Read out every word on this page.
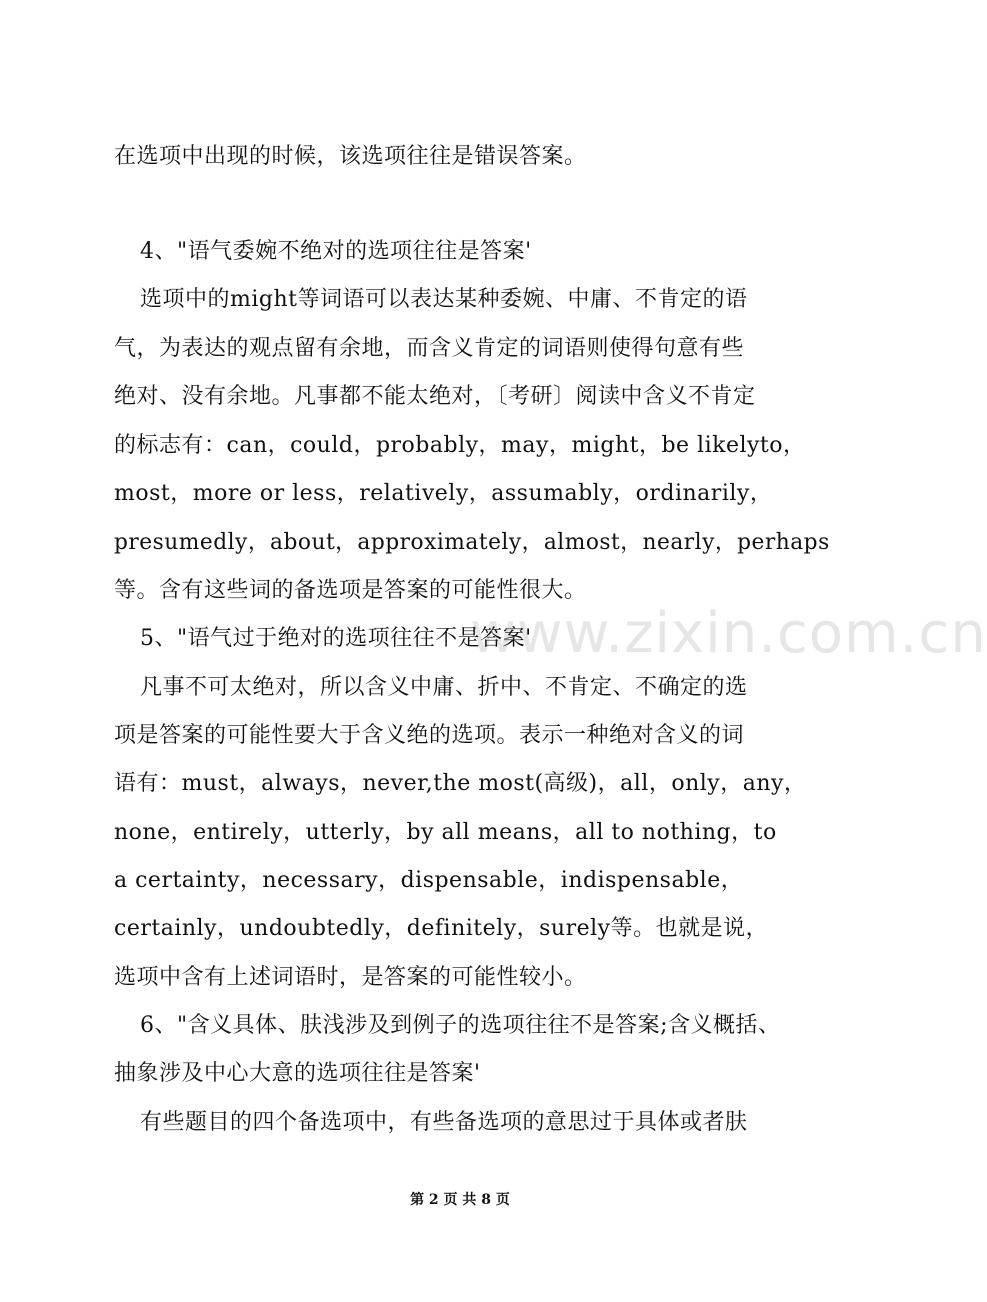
www.zixin.com.cn
在选项中出现的时候，该选项往往是错误答案。
4、"语气委婉不绝对的选项往往是答案'
选项中的might等词语可以表达某种委婉、中庸、不肯定的语
气，为表达的观点留有余地，而含义肯定的词语则使得句意有些
绝对、没有余地。凡事都不能太绝对，〔考研〕阅读中含义不肯定
的标志有：can，could，probably，may，might，be likelyto，
most，more or less，relatively，assumably，ordinarily，
presumedly，about，approximately，almost，nearly，perhaps
等。含有这些词的备选项是答案的可能性很大。
5、"语气过于绝对的选项往往不是答案'
凡事不可太绝对，所以含义中庸、折中、不肯定、不确定的选
项是答案的可能性要大于含义绝的选项。表示一种绝对含义的词
语有：must，always，never,the most(高级)，all，only，any，
none，entirely，utterly，by all means，all to nothing，to
a certainty，necessary，dispensable，indispensable，
certainly，undoubtedly，definitely，surely等。也就是说，
选项中含有上述词语时，是答案的可能性较小。
6、"含义具体、肤浅涉及到例子的选项往往不是答案;含义概括、
抽象涉及中心大意的选项往往是答案'
有些题目的四个备选项中，有些备选项的意思过于具体或者肤
第 2 页 共 8 页
